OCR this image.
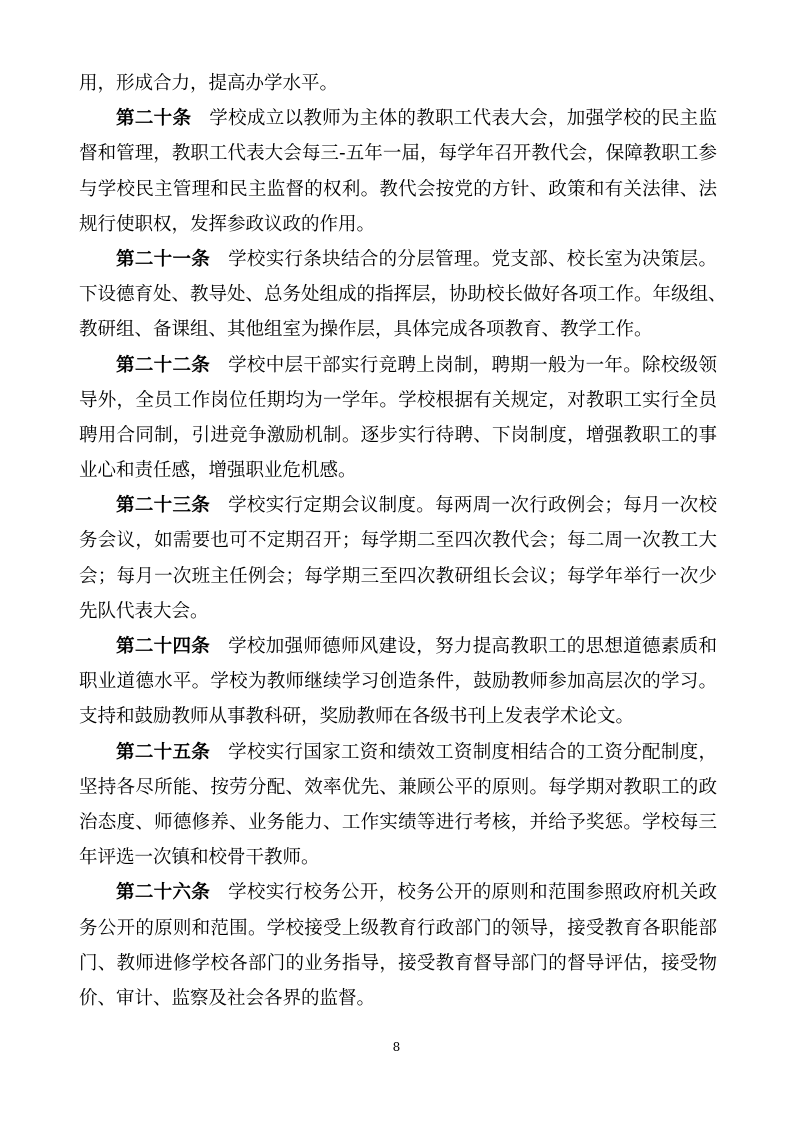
用，形成合力，提高办学水平。
第二十条 学校成立以教师为主体的教职工代表大会，加强学校的民主监
督和管理，教职工代表大会每三-五年一届，每学年召开教代会，保障教职工参
与学校民主管理和民主监督的权利。教代会按党的方针、政策和有关法律、法
规行使职权，发挥参政议政的作用。
第二十一条 学校实行条块结合的分层管理。党支部、校长室为决策层。
下设德育处、教导处、总务处组成的指挥层，协助校长做好各项工作。年级组、
教研组、备课组、其他组室为操作层，具体完成各项教育、教学工作。
第二十二条 学校中层干部实行竞聘上岗制，聘期一般为一年。除校级领
导外，全员工作岗位任期均为一学年。学校根据有关规定，对教职工实行全员
聘用合同制，引进竞争激励机制。逐步实行待聘、下岗制度，增强教职工的事
业心和责任感，增强职业危机感。
第二十三条 学校实行定期会议制度。每两周一次行政例会；每月一次校
务会议，如需要也可不定期召开；每学期二至四次教代会；每二周一次教工大
会；每月一次班主任例会；每学期三至四次教研组长会议；每学年举行一次少
先队代表大会。
第二十四条 学校加强师德师风建设，努力提高教职工的思想道德素质和
职业道德水平。学校为教师继续学习创造条件，鼓励教师参加高层次的学习。
支持和鼓励教师从事教科研，奖励教师在各级书刊上发表学术论文。
第二十五条 学校实行国家工资和绩效工资制度相结合的工资分配制度，
坚持各尽所能、按劳分配、效率优先、兼顾公平的原则。每学期对教职工的政
治态度、师德修养、业务能力、工作实绩等进行考核，并给予奖惩。学校每三
年评选一次镇和校骨干教师。
第二十六条 学校实行校务公开，校务公开的原则和范围参照政府机关政
务公开的原则和范围。学校接受上级教育行政部门的领导，接受教育各职能部
门、教师进修学校各部门的业务指导，接受教育督导部门的督导评估，接受物
价、审计、监察及社会各界的监督。
8
